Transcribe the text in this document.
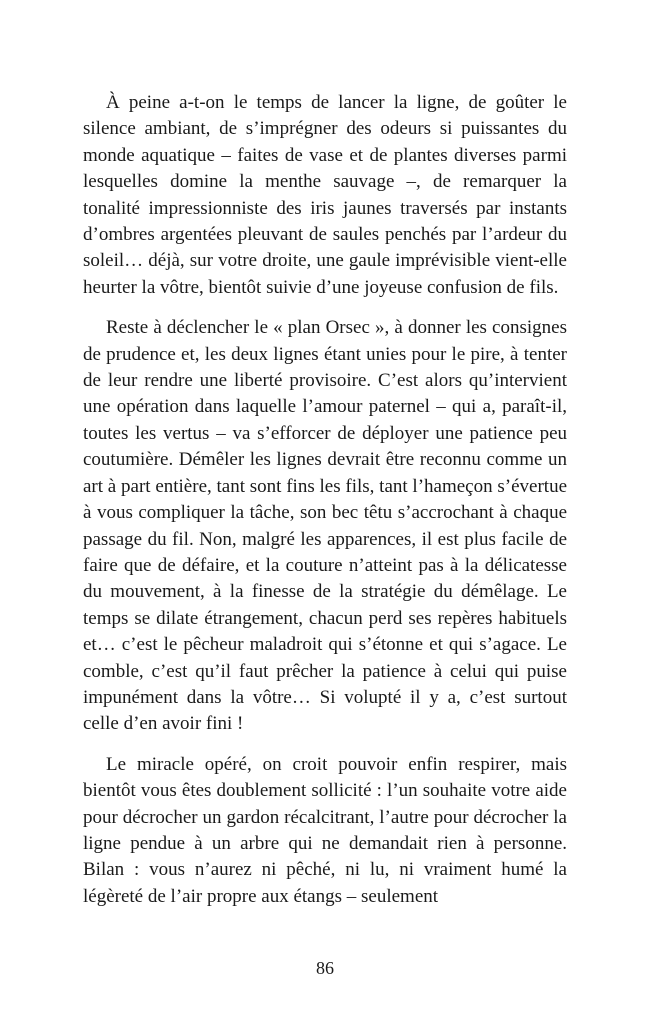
À peine a-t-on le temps de lancer la ligne, de goûter le silence ambiant, de s’imprégner des odeurs si puissantes du monde aquatique – faites de vase et de plantes diverses parmi lesquelles domine la menthe sauvage –, de remarquer la tonalité impressionniste des iris jaunes traversés par instants d’ombres argentées pleuvant de saules penchés par l’ardeur du soleil… déjà, sur votre droite, une gaule imprévisible vient-elle heurter la vôtre, bientôt suivie d’une joyeuse confusion de fils.

Reste à déclencher le « plan Orsec », à donner les consignes de prudence et, les deux lignes étant unies pour le pire, à tenter de leur rendre une liberté provisoire. C’est alors qu’intervient une opération dans laquelle l’amour paternel – qui a, paraît-il, toutes les vertus – va s’efforcer de déployer une patience peu coutumière. Démêler les lignes devrait être reconnu comme un art à part entière, tant sont fins les fils, tant l’hameçon s’évertue à vous compliquer la tâche, son bec têtu s’accrochant à chaque passage du fil. Non, malgré les apparences, il est plus facile de faire que de défaire, et la couture n’atteint pas à la délicatesse du mouvement, à la finesse de la stratégie du démêlage. Le temps se dilate étrangement, chacun perd ses repères habituels et… c’est le pêcheur maladroit qui s’étonne et qui s’agace. Le comble, c’est qu’il faut prêcher la patience à celui qui puise impunément dans la vôtre… Si volupté il y a, c’est surtout celle d’en avoir fini !

Le miracle opéré, on croit pouvoir enfin respirer, mais bientôt vous êtes doublement sollicité : l’un souhaite votre aide pour décrocher un gardon récalcitrant, l’autre pour décrocher la ligne pendue à un arbre qui ne demandait rien à personne. Bilan : vous n’aurez ni pêché, ni lu, ni vraiment humé la légèreté de l’air propre aux étangs – seulement

86
